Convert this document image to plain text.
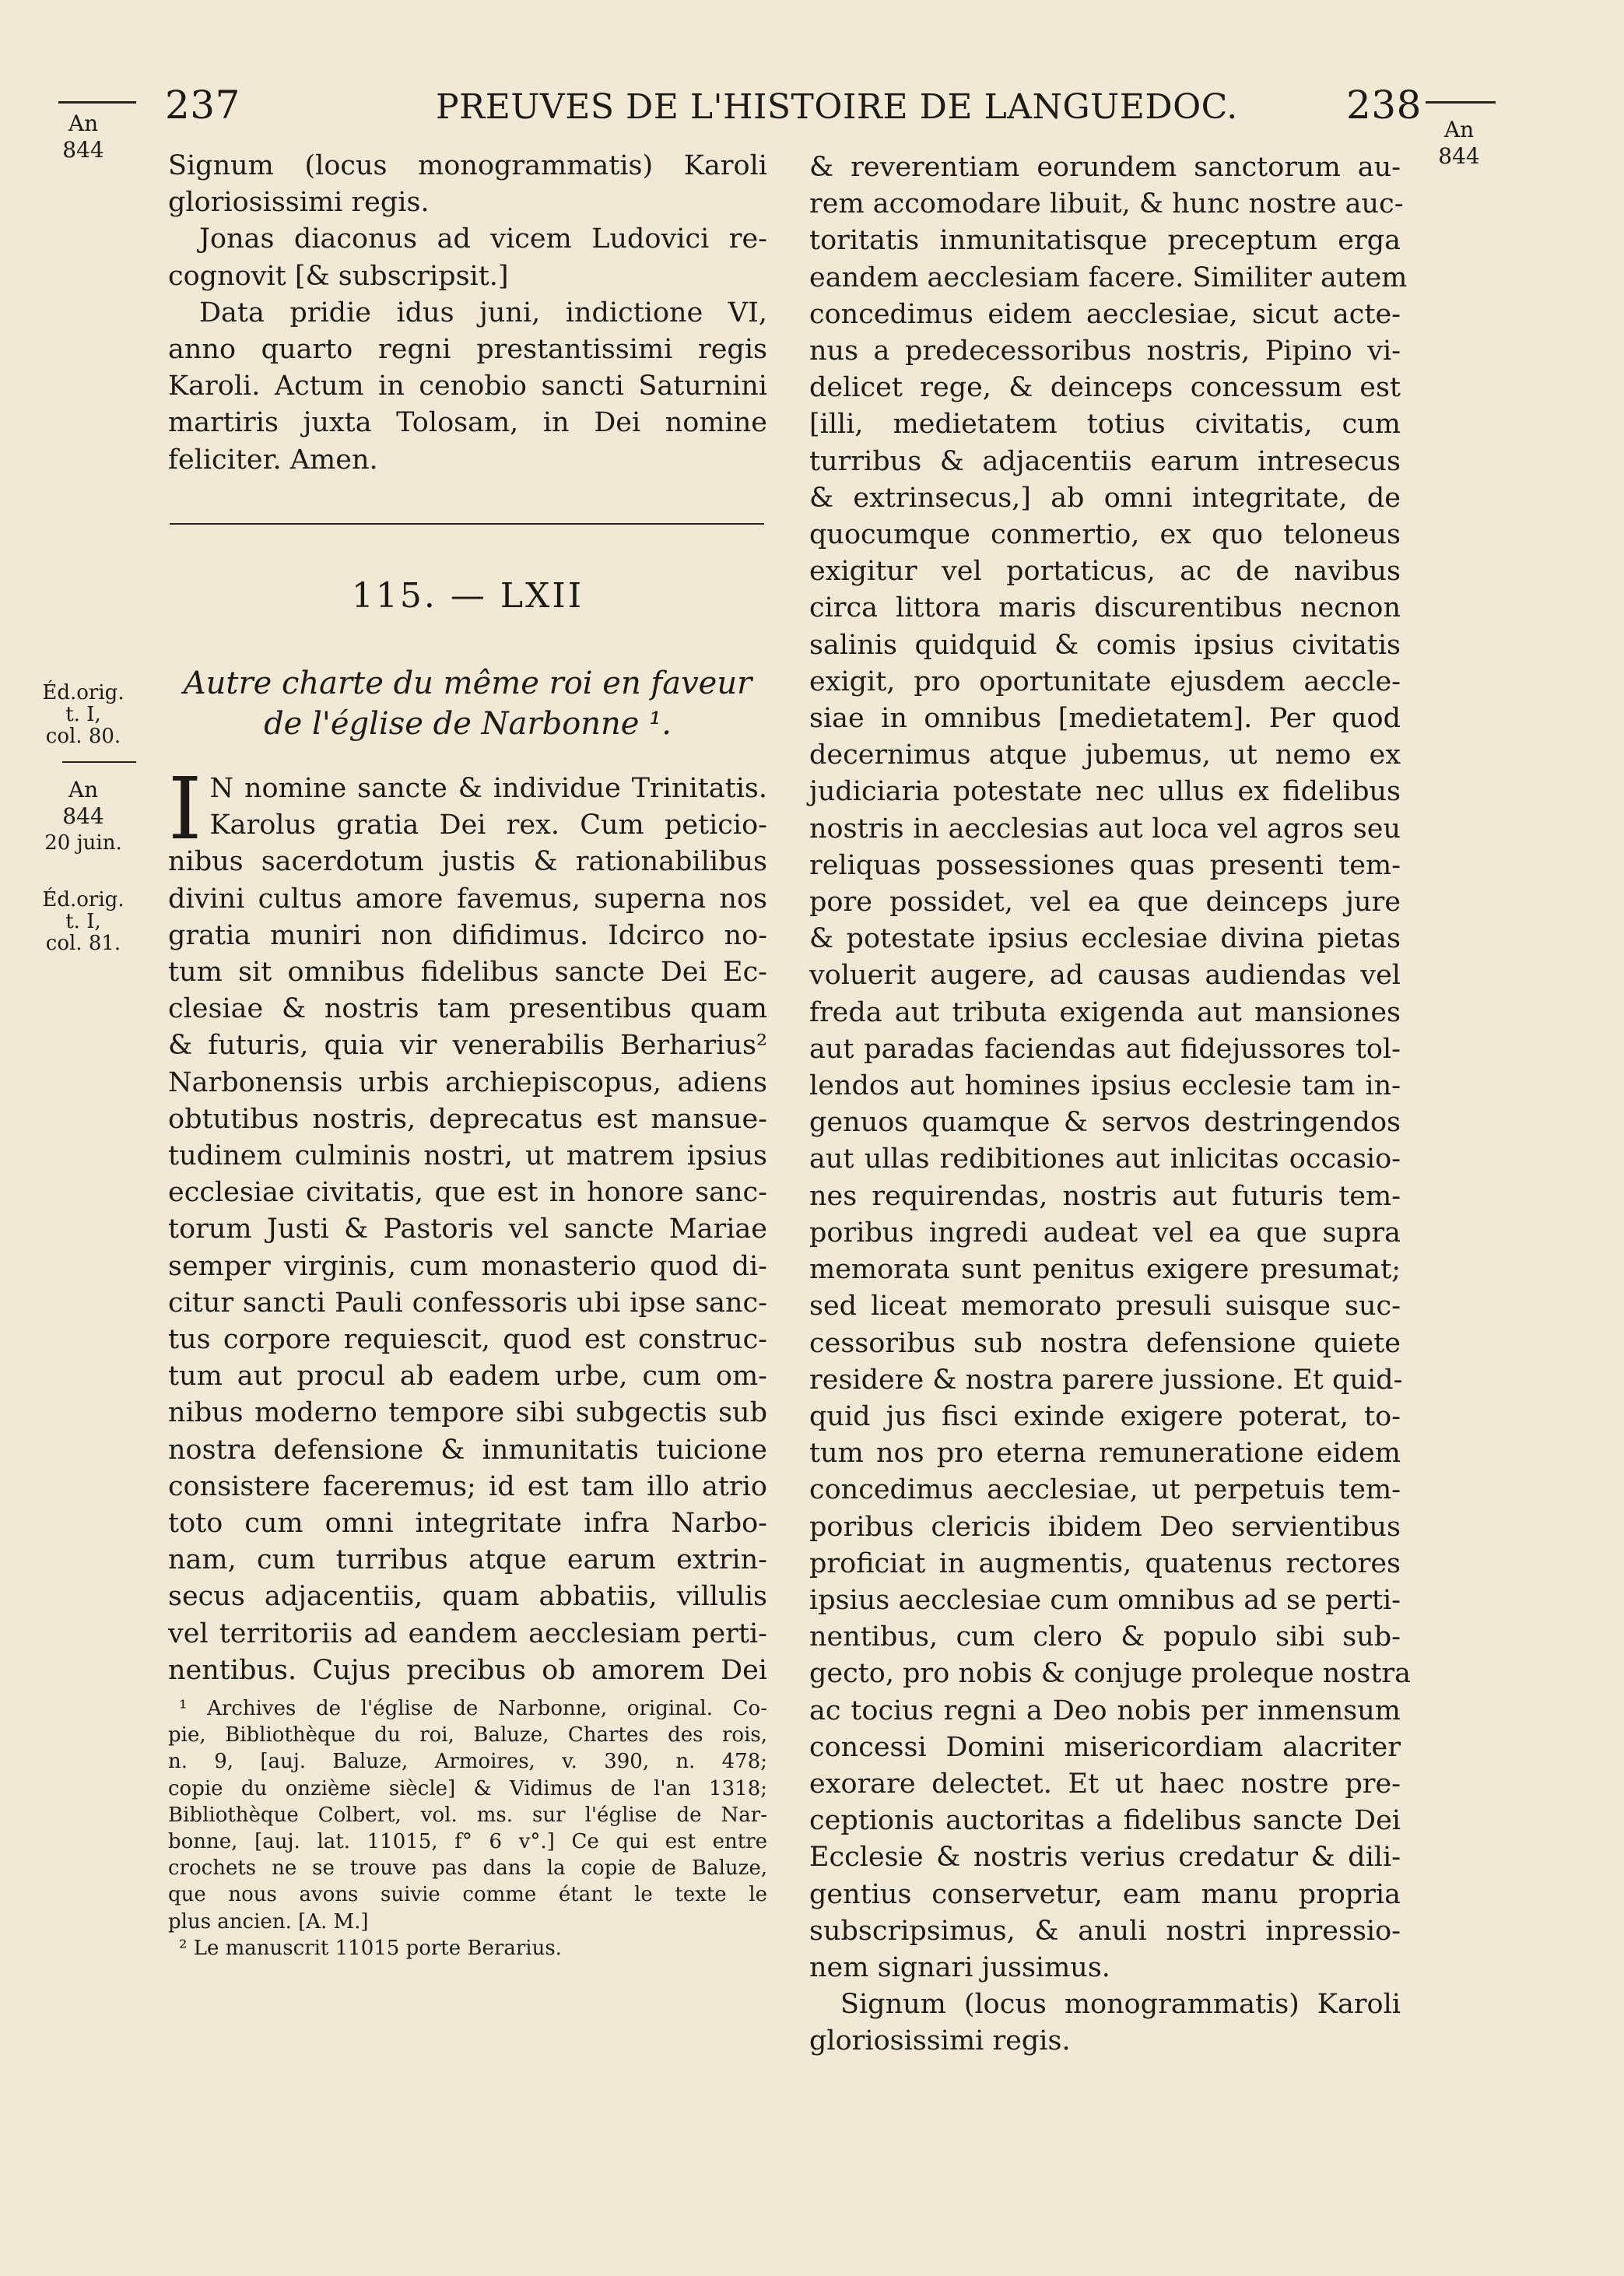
237	PREUVES DE L'HISTOIRE DE LANGUEDOC.	238
An
844
Éd.orig.
t. I,
col. 80.
An
844
20 juin.
Éd.orig.
t. I,
col. 81.
An
844
Signum (locus monogrammatis) Karoli
gloriosissimi regis.
Jonas diaconus ad vicem Ludovici re-
cognovit [& subscripsit.]
Data pridie idus juni, indictione VI,
anno quarto regni prestantissimi regis
Karoli. Actum in cenobio sancti Saturnini
martiris juxta Tolosam, in Dei nomine
feliciter. Amen.
115. — LXII
Autre charte du même roi en faveur
de l'église de Narbonne ¹.
I N nomine sancte & individue Trinitatis.
Karolus gratia Dei rex. Cum peticio-
nibus sacerdotum justis & rationabilibus
divini cultus amore favemus, superna nos
gratia muniri non difidimus. Idcirco no-
tum sit omnibus fidelibus sancte Dei Ec-
clesiae & nostris tam presentibus quam
& futuris, quia vir venerabilis Berharius²
Narbonensis urbis archiepiscopus, adiens
obtutibus nostris, deprecatus est mansue-
tudinem culminis nostri, ut matrem ipsius
ecclesiae civitatis, que est in honore sanc-
torum Justi & Pastoris vel sancte Mariae
semper virginis, cum monasterio quod di-
citur sancti Pauli confessoris ubi ipse sanc-
tus corpore requiescit, quod est construc-
tum aut procul ab eadem urbe, cum om-
nibus moderno tempore sibi subgectis sub
nostra defensione & inmunitatis tuicione
consistere faceremus; id est tam illo atrio
toto cum omni integritate infra Narbo-
nam, cum turribus atque earum extrin-
secus adjacentiis, quam abbatiis, villulis
vel territoriis ad eandem aecclesiam perti-
nentibus. Cujus precibus ob amorem Dei
¹ Archives de l'église de Narbonne, original. Co-
pie, Bibliothèque du roi, Baluze, Chartes des rois,
n. 9, [auj. Baluze, Armoires, v. 390, n. 478;
copie du onzième siècle] & Vidimus de l'an 1318;
Bibliothèque Colbert, vol. ms. sur l'église de Nar-
bonne, [auj. lat. 11015, f° 6 v°.] Ce qui est entre
crochets ne se trouve pas dans la copie de Baluze,
que nous avons suivie comme étant le texte le
plus ancien. [A. M.]
² Le manuscrit 11015 porte Berarius.
& reverentiam eorundem sanctorum au-
rem accomodare libuit, & hunc nostre auc-
toritatis inmunitatisque preceptum erga
eandem aecclesiam facere. Similiter autem
concedimus eidem aecclesiae, sicut acte-
nus a predecessoribus nostris, Pipino vi-
delicet rege, & deinceps concessum est
[illi, medietatem totius civitatis, cum
turribus & adjacentiis earum intresecus
& extrinsecus,] ab omni integritate, de
quocumque conmertio, ex quo teloneus
exigitur vel portaticus, ac de navibus
circa littora maris discurentibus necnon
salinis quidquid & comis ipsius civitatis
exigit, pro oportunitate ejusdem aeccle-
siae in omnibus [medietatem]. Per quod
decernimus atque jubemus, ut nemo ex
judiciaria potestate nec ullus ex fidelibus
nostris in aecclesias aut loca vel agros seu
reliquas possessiones quas presenti tem-
pore possidet, vel ea que deinceps jure
& potestate ipsius ecclesiae divina pietas
voluerit augere, ad causas audiendas vel
freda aut tributa exigenda aut mansiones
aut paradas faciendas aut fidejussores tol-
lendos aut homines ipsius ecclesie tam in-
genuos quamque & servos destringendos
aut ullas redibitiones aut inlicitas occasio-
nes requirendas, nostris aut futuris tem-
poribus ingredi audeat vel ea que supra
memorata sunt penitus exigere presumat;
sed liceat memorato presuli suisque suc-
cessoribus sub nostra defensione quiete
residere & nostra parere jussione. Et quid-
quid jus fisci exinde exigere poterat, to-
tum nos pro eterna remuneratione eidem
concedimus aecclesiae, ut perpetuis tem-
poribus clericis ibidem Deo servientibus
proficiat in augmentis, quatenus rectores
ipsius aecclesiae cum omnibus ad se perti-
nentibus, cum clero & populo sibi sub-
gecto, pro nobis & conjuge proleque nostra
ac tocius regni a Deo nobis per inmensum
concessi Domini misericordiam alacriter
exorare delectet. Et ut haec nostre pre-
ceptionis auctoritas a fidelibus sancte Dei
Ecclesie & nostris verius credatur & dili-
gentius conservetur, eam manu propria
subscripsimus, & anuli nostri inpressio-
nem signari jussimus.
Signum (locus monogrammatis) Karoli
gloriosissimi regis.
